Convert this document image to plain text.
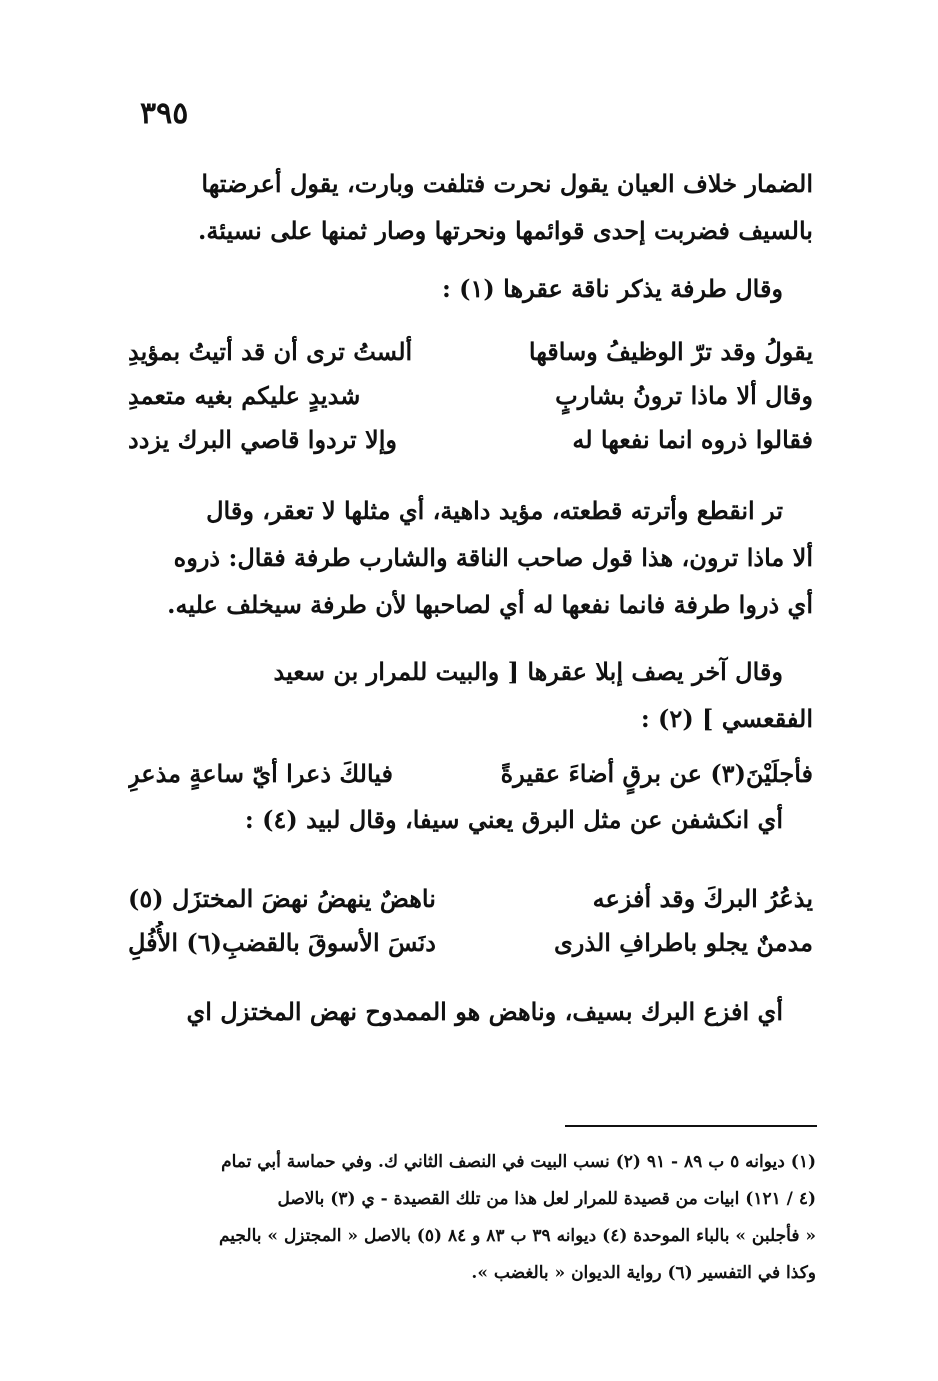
٣٩٥
الضمار خلاف العيان يقول نحرت فتلفت وبارت، يقول أعرضتها
بالسيف فضربت إحدى قوائمها ونحرتها وصار ثمنها على نسيئة.
وقال طرفة يذكر ناقة عقرها (١) :
يقولُ وقد ترّ الوظيفُ وساقها
ألستُ ترى أن قد أتيتُ بمؤيدِ
وقال ألا ماذا ترونُ بشاربٍ
شديدٍ عليكم بغيه متعمدِ
فقالوا ذروه انما نفعها له
وإلا تردوا قاصي البرك يزدد
تر انقطع وأترته قطعته، مؤيد داهية، أي مثلها لا تعقر، وقال
ألا ماذا ترون، هذا قول صاحب الناقة والشارب طرفة فقال: ذروه
أي ذروا طرفة فانما نفعها له أي لصاحبها لأن طرفة سيخلف عليه.
وقال آخر يصف إبلا عقرها [ والبيت للمرار بن سعيد
الفقعسي ] (٢) :
فأجلَيْنَ(٣) عن برقٍ أضاءَ عقيرةً
فيالكَ ذعرا أيّ ساعةٍ مذعرِ
أي انكشفن عن مثل البرق يعني سيفا، وقال لبيد (٤) :
يذعُرُ البركَ وقد أفزعه
ناهضٌ ينهضُ نهضَ المختزَل (٥)
مدمنٌ يجلو باطرافِ الذرى
دنَسَ الأسوقَ بالقضبِ(٦) الأُفُلِ
أي افزع البرك بسيف، وناهض هو الممدوح نهض المختزل اي
(١) ديوانه ٥ ب ٨٩ - ٩١ (٢) نسب البيت في النصف الثاني ك. وفي حماسة أبي تمام
(٤ / ١٢١) ابيات من قصيدة للمرار لعل هذا من تلك القصيدة - ي (٣) بالاصل
« فأجلبن » بالباء الموحدة (٤) ديوانه ٣٩ ب ٨٣ و ٨٤ (٥) بالاصل « المجتزل » بالجيم
وكذا في التفسير (٦) رواية الديوان « بالغضب ».
